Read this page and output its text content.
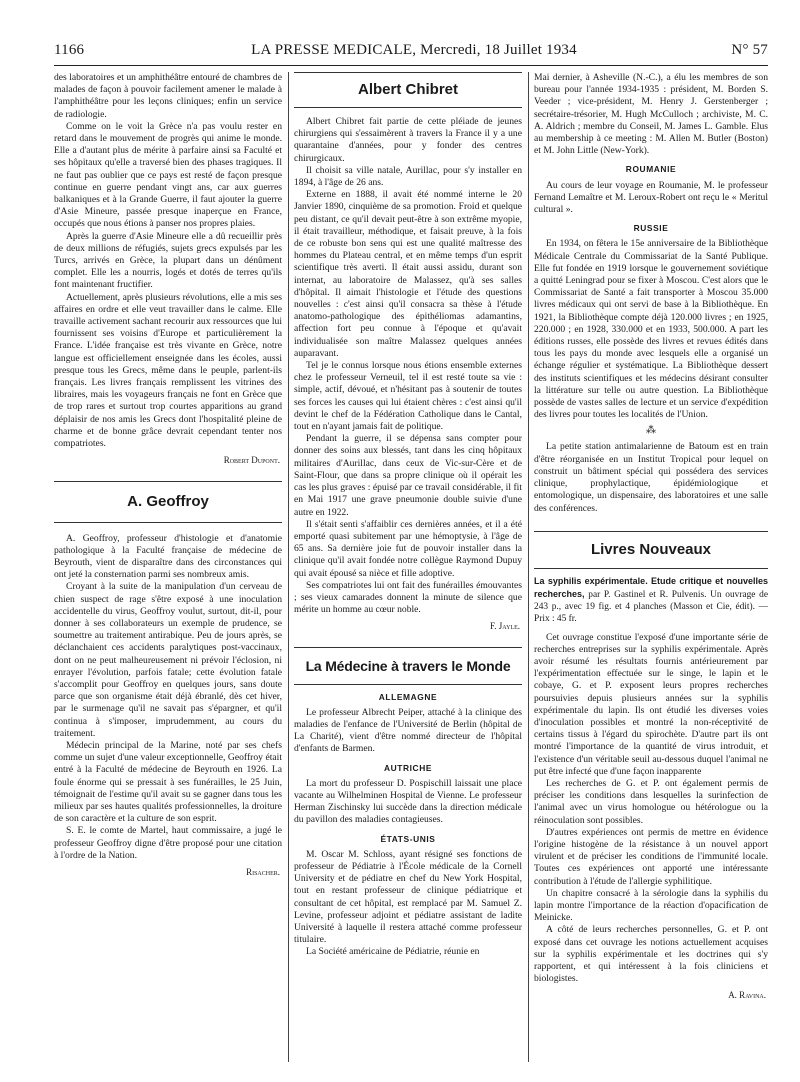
1166	LA PRESSE MEDICALE, Mercredi, 18 Juillet 1934	N° 57

des laboratoires et un amphithéâtre entouré de chambres de malades de façon à pouvoir facilement amener le malade à l'amphithéâtre pour les leçons cliniques; enfin un service de radiologie.

Comme on le voit la Grèce n'a pas voulu rester en retard dans le mouvement de progrès qui anime le monde. Elle a d'autant plus de mérite à parfaire ainsi sa Faculté et ses hôpitaux qu'elle a traversé bien des phases tragiques. Il ne faut pas oublier que ce pays est resté de façon presque continue en guerre pendant vingt ans, car aux guerres balkaniques et à la Grande Guerre, il faut ajouter la guerre d'Asie Mineure, passée presque inaperçue en France, occupés que nous étions à panser nos propres plaies.

Après la guerre d'Asie Mineure elle a dû recueillir près de deux millions de réfugiés, sujets grecs expulsés par les Turcs, arrivés en Grèce, la plupart dans un dénûment complet. Elle les a nourris, logés et dotés de terres qu'ils font maintenant fructifier.

Actuellement, après plusieurs révolutions, elle a mis ses affaires en ordre et elle veut travailler dans le calme. Elle travaille activement sachant recourir aux ressources que lui fournissent ses voisins d'Europe et particulièrement la France. L'idée française est très vivante en Grèce, notre langue est officiellement enseignée dans les écoles, aussi presque tous les Grecs, même dans le peuple, parlent-ils français. Les livres français remplissent les vitrines des libraires, mais les voyageurs français ne font en Grèce que de trop rares et surtout trop courtes apparitions au grand déplaisir de nos amis les Grecs dont l'hospitalité pleine de charme et de bonne grâce devrait cependant tenter nos compatriotes.

Robert Dupont.

A. Geoffroy

A. Geoffroy, professeur d'histologie et d'anatomie pathologique à la Faculté française de médecine de Beyrouth, vient de disparaître dans des circonstances qui ont jeté la consternation parmi ses nombreux amis.

Croyant à la suite de la manipulation d'un cerveau de chien suspect de rage s'être exposé à une inoculation accidentelle du virus, Geoffroy voulut, surtout, dit-il, pour donner à ses collaborateurs un exemple de prudence, se soumettre au traitement antirabique. Peu de jours après, se déclanchaient ces accidents paralytiques post-vaccinaux, dont on ne peut malheureusement ni prévoir l'éclosion, ni enrayer l'évolution, parfois fatale; cette évolution fatale s'accomplit pour Geoffroy en quelques jours, sans doute parce que son organisme était déjà ébranlé, dès cet hiver, par le surmenage qu'il ne savait pas s'épargner, et qu'il continua à s'imposer, imprudemment, au cours du traitement.

Médecin principal de la Marine, noté par ses chefs comme un sujet d'une valeur exceptionnelle, Geoffroy était entré à la Faculté de médecine de Beyrouth en 1926. La foule énorme qui se pressait à ses funérailles, le 25 Juin, témoignait de l'estime qu'il avait su se gagner dans tous les milieux par ses hautes qualités professionnelles, la droiture de son caractère et la culture de son esprit.

S. E. le comte de Martel, haut commissaire, a jugé le professeur Geoffroy digne d'être proposé pour une citation à l'ordre de la Nation.

Risacher.

Albert Chibret

Albert Chibret fait partie de cette pléiade de jeunes chirurgiens qui s'essaimèrent à travers la France il y a une quarantaine d'années, pour y fonder des centres chirurgicaux.

Il choisit sa ville natale, Aurillac, pour s'y installer en 1894, à l'âge de 26 ans.

Externe en 1888, il avait été nommé interne le 20 Janvier 1890, cinquième de sa promotion. Froid et quelque peu distant, ce qu'il devait peut-être à son extrême myopie, il était travailleur, méthodique, et faisait preuve, à la fois de ce robuste bon sens qui est une qualité maîtresse des hommes du Plateau central, et en même temps d'un esprit scientifique très averti. Il était aussi assidu, durant son internat, au laboratoire de Malassez, qu'à ses salles d'hôpital. Il aimait l'histologie et l'étude des questions nouvelles : c'est ainsi qu'il consacra sa thèse à l'étude anatomo-pathologique des épithéliomas adamantins, affection fort peu connue à l'époque et qu'avait individualisée son maître Malassez quelques années auparavant.

Tel je le connus lorsque nous étions ensemble externes chez le professeur Verneuil, tel il est resté toute sa vie : simple, actif, dévoué, et n'hésitant pas à soutenir de toutes ses forces les causes qui lui étaient chères : c'est ainsi qu'il devint le chef de la Fédération Catholique dans le Cantal, tout en n'ayant jamais fait de politique.

Pendant la guerre, il se dépensa sans compter pour donner des soins aux blessés, tant dans les cinq hôpitaux militaires d'Aurillac, dans ceux de Vic-sur-Cère et de Saint-Flour, que dans sa propre clinique où il opérait les cas les plus graves : épuisé par ce travail considérable, il fit en Mai 1917 une grave pneumonie double suivie d'une autre en 1922.

Il s'était senti s'affaiblir ces dernières années, et il a été emporté quasi subitement par une hémoptysie, à l'âge de 65 ans. Sa dernière joie fut de pouvoir installer dans la clinique qu'il avait fondée notre collègue Raymond Dupuy qui avait épousé sa nièce et fille adoptive.

Ses compatriotes lui ont fait des funérailles émouvantes ; ses vieux camarades donnent la minute de silence que mérite un homme au cœur noble.

F. Jayle.

La Médecine à travers le Monde
ALLEMAGNE

Le professeur Albrecht Peiper, attaché à la clinique des maladies de l'enfance de l'Université de Berlin (hôpital de La Charité), vient d'être nommé directeur de l'hôpital d'enfants de Barmen.

AUTRICHE

La mort du professeur D. Pospischill laissait une place vacante au Wilhelminen Hospital de Vienne. Le professeur Herman Zischinsky lui succède dans la direction médicale du pavillon des maladies contagieuses.

ÉTATS-UNIS

M. Oscar M. Schloss, ayant résigné ses fonctions de professeur de Pédiatrie à l'École médicale de la Cornell University et de pédiatre en chef du New York Hospital, tout en restant professeur de clinique pédiatrique et consultant de cet hôpital, est remplacé par M. Samuel Z. Levine, professeur adjoint et pédiatre assistant de ladite Université à laquelle il restera attaché comme professeur titulaire.

La Société américaine de Pédiatrie, réunie en

Mai dernier, à Asheville (N.-C.), a élu les membres de son bureau pour l'année 1934-1935 : président, M. Borden S. Veeder ; vice-président, M. Henry J. Gerstenberger ; secrétaire-trésorier, M. Hugh McCulloch ; archiviste, M. C. A. Aldrich ; membre du Conseil, M. James L. Gamble. Elus au membership à ce meeting : M. Allen M. Butler (Boston) et M. John Little (New-York).

ROUMANIE

Au cours de leur voyage en Roumanie, M. le professeur Fernand Lemaître et M. Leroux-Robert ont reçu le « Meritul cultural ».

RUSSIE

En 1934, on fêtera le 15e anniversaire de la Bibliothèque Médicale Centrale du Commissariat de la Santé Publique. Elle fut fondée en 1919 lorsque le gouvernement soviétique a quitté Leningrad pour se fixer à Moscou. C'est alors que le Commissariat de Santé a fait transporter à Moscou 35.000 livres médicaux qui ont servi de base à la Bibliothèque. En 1921, la Bibliothèque compte déjà 120.000 livres ; en 1925, 220.000 ; en 1928, 330.000 et en 1933, 500.000. A part les éditions russes, elle possède des livres et revues édités dans tous les pays du monde avec lesquels elle a organisé un échange régulier et systématique. La Bibliothèque dessert des instituts scientifiques et les médecins désirant consulter la littérature sur telle ou autre question. La Bibliothèque possède de vastes salles de lecture et un service d'expédition des livres pour toutes les localités de l'Union.

⁂

La petite station antimalarienne de Batoum est en train d'être réorganisée en un Institut Tropical pour lequel on construit un bâtiment spécial qui possédera des services clinique, prophylactique, épidémiologique et entomologique, un dispensaire, des laboratoires et une salle des conférences.

Livres Nouveaux

La syphilis expérimentale. Etude critique et nouvelles recherches, par P. Gastinel et R. Pulvenis. Un ouvrage de 243 p., avec 19 fig. et 4 planches (Masson et Cie, édit). — Prix : 45 fr.

Cet ouvrage constitue l'exposé d'une importante série de recherches entreprises sur la syphilis expérimentale. Après avoir résumé les résultats fournis antérieurement par l'expérimentation effectuée sur le singe, le lapin et le cobaye, G. et P. exposent leurs propres recherches poursuivies depuis plusieurs années sur la syphilis expérimentale du lapin. Ils ont étudié les diverses voies d'inoculation possibles et montré la non-réceptivité de certains tissus à l'égard du spirochète. D'autre part ils ont montré l'importance de la quantité de virus introduit, et l'existence d'un véritable seuil au-dessous duquel l'animal ne put être infecté que d'une façon inapparente

Les recherches de G. et P. ont également permis de préciser les conditions dans lesquelles la surinfection de l'animal avec un virus homologue ou hétérologue ou la réinoculation sont possibles.

D'autres expériences ont permis de mettre en évidence l'origine histogène de la résistance à un nouvel apport virulent et de préciser les conditions de l'immunité locale. Toutes ces expériences ont apporté une intéressante contribution à l'étude de l'allergie syphilitique.

Un chapitre consacré à la sérologie dans la syphilis du lapin montre l'importance de la réaction d'opacification de Meinicke.

A côté de leurs recherches personnelles, G. et P. ont exposé dans cet ouvrage les notions actuellement acquises sur la syphilis expérimentale et les doctrines qui s'y rapportent, et qui intéressent à la fois cliniciens et biologistes.

A. Ravina.
